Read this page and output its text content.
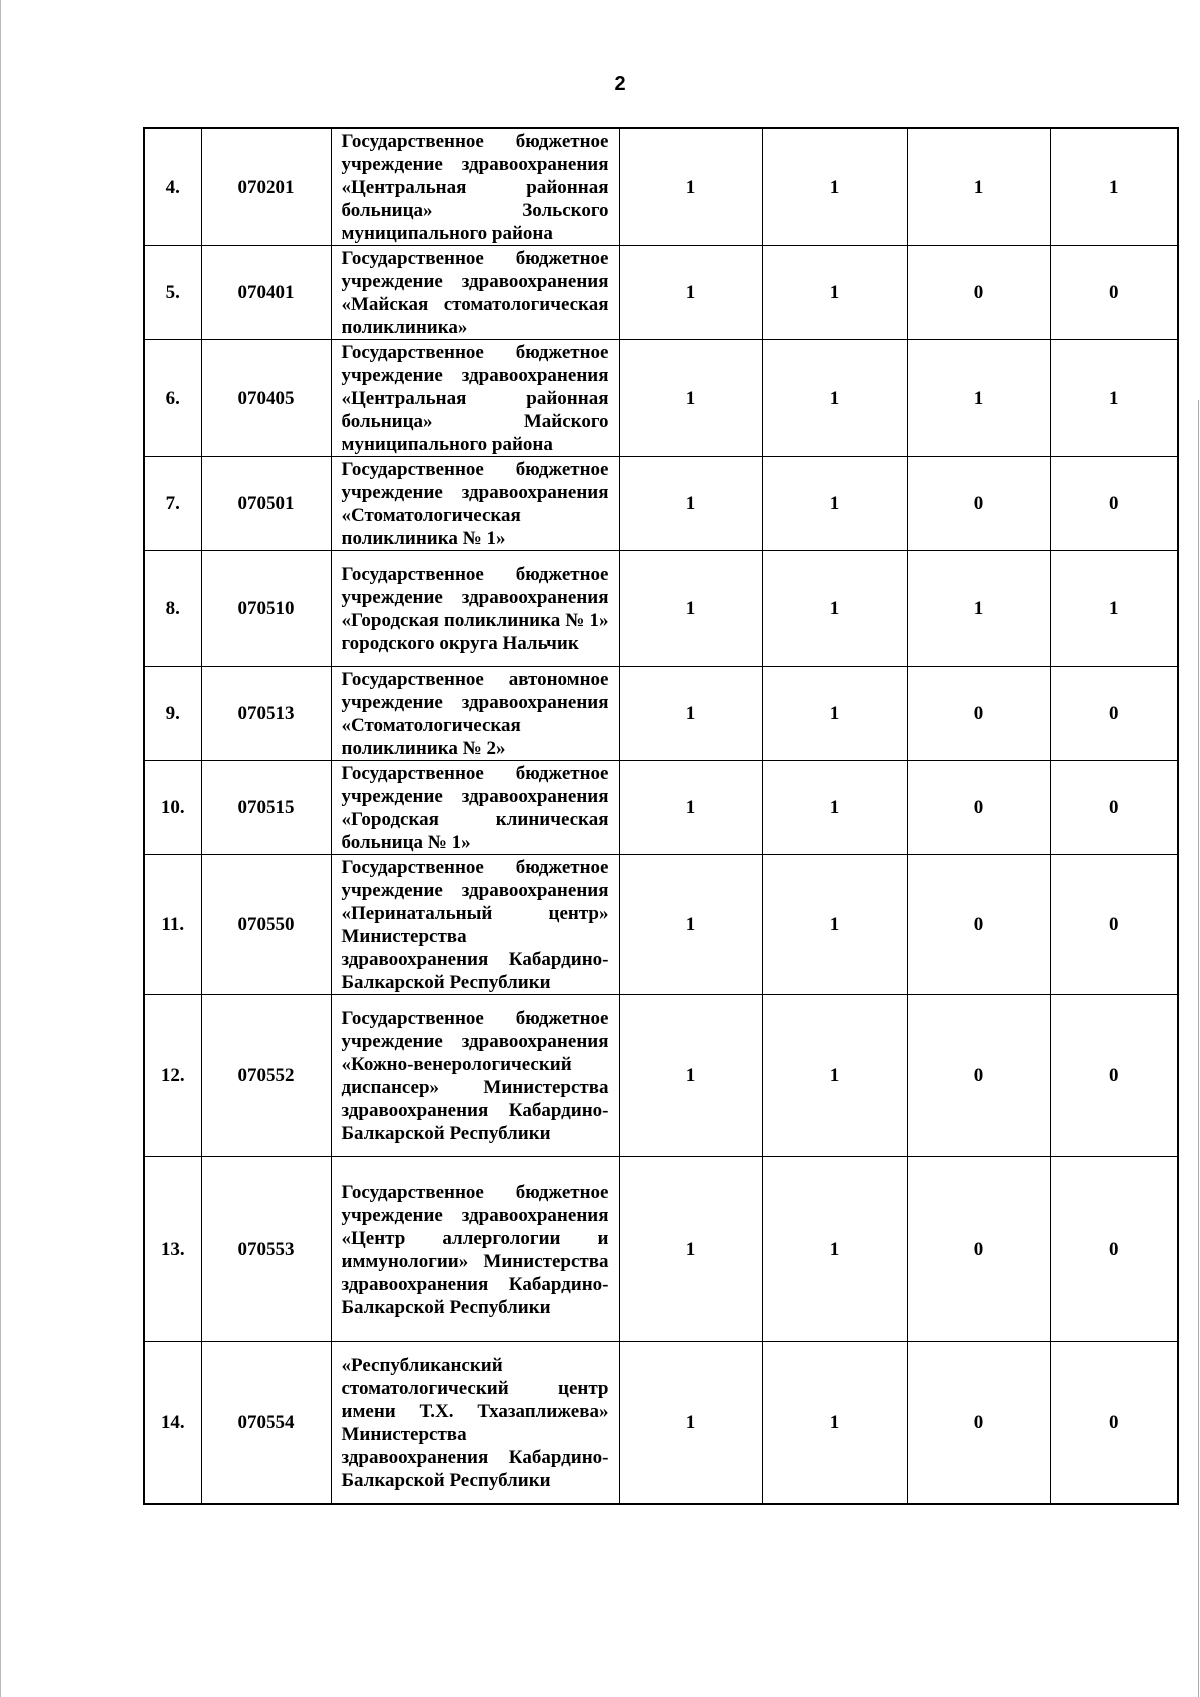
2
4.	070201	Государственное бюджетное учреждение здравоохранения «Центральная районная больница» Зольского муниципального района	1	1	1	1
5.	070401	Государственное бюджетное учреждение здравоохранения «Майская стоматологическая поликлиника»	1	1	0	0
6.	070405	Государственное бюджетное учреждение здравоохранения «Центральная районная больница» Майского муниципального района	1	1	1	1
7.	070501	Государственное бюджетное учреждение здравоохранения «Стоматологическая поликлиника № 1»	1	1	0	0
8.	070510	Государственное бюджетное учреждение здравоохранения «Городская поликлиника № 1» городского округа Нальчик	1	1	1	1
9.	070513	Государственное автономное учреждение здравоохранения «Стоматологическая поликлиника № 2»	1	1	0	0
10.	070515	Государственное бюджетное учреждение здравоохранения «Городская клиническая больница № 1»	1	1	0	0
11.	070550	Государственное бюджетное учреждение здравоохранения «Перинатальный центр» Министерства здравоохранения Кабардино-Балкарской Республики	1	1	0	0
12.	070552	Государственное бюджетное учреждение здравоохранения «Кожно-венерологический диспансер» Министерства здравоохранения Кабардино-Балкарской Республики	1	1	0	0
13.	070553	Государственное бюджетное учреждение здравоохранения «Центр аллергологии и иммунологии» Министерства здравоохранения Кабардино-Балкарской Республики	1	1	0	0
14.	070554	«Республиканский стоматологический центр имени Т.Х. Тхазаплижева» Министерства здравоохранения Кабардино-Балкарской Республики	1	1	0	0
